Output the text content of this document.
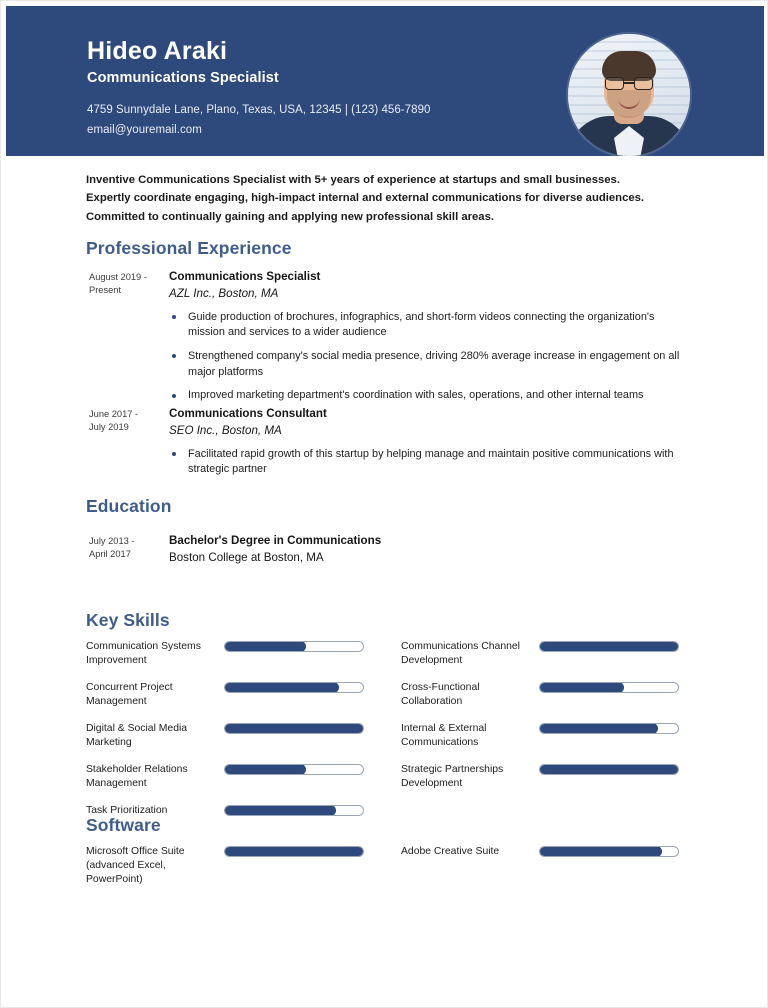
Hideo Araki
Communications Specialist
4759 Sunnydale Lane, Plano, Texas, USA, 12345 | (123) 456-7890
email@youremail.com
Inventive Communications Specialist with 5+ years of experience at startups and small businesses.
Expertly coordinate engaging, high-impact internal and external communications for diverse audiences.
Committed to continually gaining and applying new professional skill areas.
Professional Experience
August 2019 -
Present
Communications Specialist
AZL Inc., Boston, MA
Guide production of brochures, infographics, and short-form videos connecting the organization's mission and services to a wider audience
Strengthened company's social media presence, driving 280% average increase in engagement on all major platforms
Improved marketing department's coordination with sales, operations, and other internal teams
June 2017 -
July 2019
Communications Consultant
SEO Inc., Boston, MA
Facilitated rapid growth of this startup by helping manage and maintain positive communications with strategic partner
Education
July 2013 -
April 2017
Bachelor's Degree in Communications
Boston College at Boston, MA
Key Skills
Communication Systems Improvement
Communications Channel Development
Concurrent Project Management
Cross-Functional Collaboration
Digital & Social Media Marketing
Internal & External Communications
Stakeholder Relations Management
Strategic Partnerships Development
Task Prioritization
Software
Microsoft Office Suite (advanced Excel, PowerPoint)
Adobe Creative Suite
